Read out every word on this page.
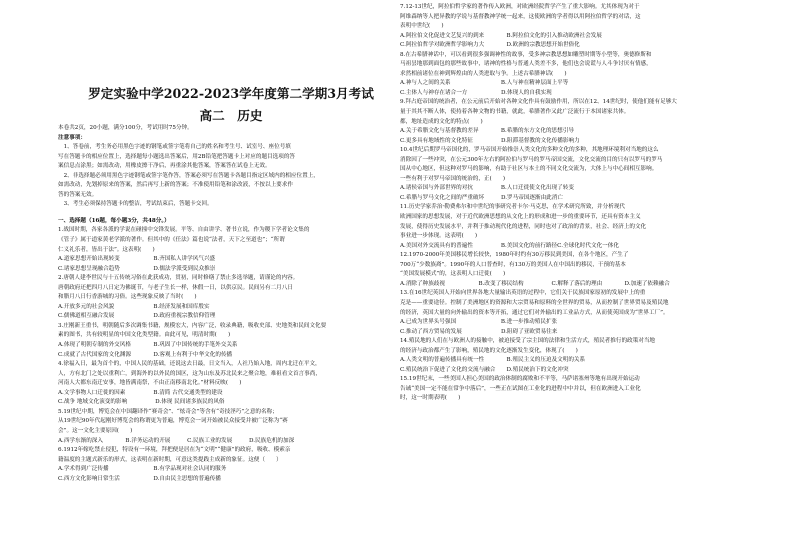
罗定实验中学2022-2023学年度第二学期3月考试
高二　历史
本卷共2页，20小题，满分100分，考试用时75分钟。
注意事项：
　1、答卷前，考生务必用黑色字迹的钢笔或签字笔将自己的姓名和考生号、试室号、座位号填
写在答题卡的相应位置上，选择题每小题选出答案后，用2B铅笔把答题卡上对应的题目选项的答
案信息点涂黑；如需改动，用橡皮擦干净后，再重涂其他答案，答案答在试卷上无效。
　2、非选择题必须用黑色字迹钢笔或签字笔作答，答案必须写在答题卡各题目指定区域内的相应位置上，
如需改动，先划掉原来的答案，然后再写上新的答案；不准使用铅笔和涂改液，不按以上要求作
答的答案无效。
　3、考生必须保持答题卡的整洁，考试结束后，答题卡交回。
一、选择题（16题，每小题3分，共48分。）
1.战国时期，各家各派的学说在碰撞中交锋发展。平等、自由讲学、著书立说，作为稷下学者论文集的
《管子》属于道家黄老学派的著作。但其中的《任法》篇也说“法者，天下之至道也”；“所谓
仁义礼乐者，皆出于法”。这表明(　　)
A.道家思想开始出现转变　　　　　　B.齐国私人讲学风气兴盛
C.诸家思想呈现融合趋势　　　　　　D.儒法学派受到民众推崇
2.唐朝人建李世民与十五传统习俗在此获成功，贯初，同时修缮了禁止多选举题，请谨论的内容。
唐朝政府还把四月八日定为佛诞节，与老子生长一样，休假一日，以供京民。民间另有二月八日
和腊月八日行香游城的习俗。这些现象反映了当时(　　)
A.开放多元的社会风貌　　　　　　　B.经济发展和国库殷实
C.儒佛道相互融合发展　　　　　　　D.政府重视宗教信仰管理
3.庄刚新王重书，明朝随后多次调集书籍，规模宏大，内容广泛，收录典籍，吸收史部、史地类和民间文化要
素的图书，共有较明显的中国文化类型籍。由此可见，明清时期(　　)
A.体现了明朝专制的外交风格　　　　B.巩固了中国传统的手笔外交关系
C.成就了古代国家的文化渊源　　　　D.客观上有利于中华文化的传播
4.徐福入日，最为首个的，中国人民的基础，还说这去日最，日文当入，人社乃始入地，周内北迁在平文，
人，方有北门之处以重利亡，到海外的以外民的国区，这为山东及苏北民来之聚合地，难祖看文首言事尚，
河南人大都东南迁安事，地皆满南祭，不由正南移南北化。”材料反映(　　)
A.文学事物人口迁徙的因素　　　　　B.清简 古代交通类型的建设
C.战争 地域文化演变的影响　　　　　D.体现 民间诸多族民的风俗
5.19世纪中期，博览会在中国翻译作“赛奇会”、“炫奇会”等含有“奇技淫巧”之意的名称；
从19世纪90年代起刚好博览会的称谓更为普遍，博览会一词开始被民众接受并被广泛称为“赛
会”。这一文化主要原因(　　)
A.西学东渐的深入　　　　B.洋务运动的开展　　　C.民族工业的发展　　　D.民族危机的加深
6.1912年嫁吃禁止侵犯，特设有一环境，拜把便是居在为“文明”“健康”的政府，吸收、模索亲
籍温度的主题式新乐的形式，这表明在新时期，可意这类提践主成新的象征。这便（　　）
A.学术得到广泛传播　　　　　　　　B.有学品现对社会认同的服务
C.西方文化影响日常生活　　　　　　D.自由民主思想的普遍传播
7.12-13世纪，阿拉伯哲学家的著作传入欧洲，对欧洲经院哲学产生了重大影响。尤其体现为对于
阿维森纳等人把异教的学说与基督教神学统一起来，这使欧洲的学者得以用阿拉伯哲学的对话，这
表明中世纪(　　)
A.阿拉伯文化促进文艺复兴的到来　　　　B.阿拉伯文化的引入推动欧洲社会发展
C.阿拉伯哲学对欧洲哲学影响力大　　　　D.欧洲的宗教思想开始世俗化
8.在古希腊神话中，可以看到很多强调神性的故事，受多神宗教思想如雕塑时期等小型等，奥德修斯和
马祖昙地那到面包的那些故事中，诸神的性格与普通人类差不多，他们也会说谎与人斗争讨厌有情感，
求然相前诸位在神到辉煌由的人类进取与争。上述古希腊神话(　　)
A.神与人之间的关系　　　　　　　　　B.人与神在精神层面上平等
C.主体人与神存在诸合一方　　　　　　D.体现人的自我实现
9.拜占庭帝国的统治者，在公元前后开始对各种文化作具有鼓励作用，所以在12、14世纪时，使他们能有足够大
量于其其不断人体，使持着各种文物的书籍，就此，希腊著作又此广泛流行于本国诸家共体。
都，地址造成的文化的特点(　　)
A.关于希腊文化与基督教的差异　　　　B.希腊的东方文化的思想引导
C.更多具有地域性的文化特征　　　　　D.阻滞基督教的文化传播影响力
10.4世纪后期罗马帝国化的，罗马帝国开始推崇人类文化的多种文化的多种，其地理环境利对当地的这么
消除因了一些冲突，在公元300年左右的阿拉伯与罗马的罗马帝国交流，文化交流的目的只有以罗马的罗马
国从中心地区，但这种对罗马的影响，有助于社区与本土的不同文化交流为，大体上与中心间相互影响。
一些有利于对罗马帝国的统治的，正(　　)
A.诸侯帝国与外部世界的对抗　　　　　B.人口迁徙使文化出现了转变
C.希腊与罗马文化之间的严重破坏　　　D.罗马帝国逐渐由此消亡
11.历史学家乔治·勒费弗尔和中世纪的事研究者卡尔·马克思，在学术研究所致，并分析现代
欧洲国家的思想发展，对于近代欧洲思想的从文化上的形成和进一步的重要环节，还具有资本主义
发展，使得历史发展水平，并利于推动现代化的进程，同时也对了政治的背景，社会、经济上的文化
事业进一步体现。这表明(　　)
A.美国对外交流具有的普遍性　　　　　B.美国文化的前行路径C.全球化时代文化一体化
12.1970-2000年美国移民增长较快，1980年时约有30万移民到美国，在各个地区，产生了
700万“少数族裔”。1990年的人口普查时，有130万的美国人在中国出的移民，干预的基本
“美国发展模式”的，这表明人口迁徙(　　)
A.消除了种族歧视　　　　　　B.改变了移民结构　　　　　C.解释了落后的理由　　　　D.加速了依赖融合
13.在16世纪英国人开始向世界各地大量输出英语的过程中，它们关于民族国家原初的发展中上的重
克是——重要途径。控制了美洲地区的资源和大宗贸易和原料的全世界的贸易，从而控制了世界贸易及殖民地
的经济，英国大量的向外输出的资本等开拓，通过它们对外输出的工业品方式，从而使英国成为“世界工厂”。
A.已成为世界头号强国　　　　　　　　B.进一步推动殖民扩张
C.推动了西方贸易的发展　　　　　　　D.阻碍了亚欧贸易往来
14.殖民地的人们在与欧洲人的接触中，被迫接受了宗主国的法律和生活方式，殖民者推行的政策对当地
的经济与政治都产生了影响，殖民地的文化逐渐发生变化，体现了(　　)
A.人类文明的普遍传播具有统一性　　　　B.殖民主义的压迫及文明的关系
C.殖民统治下促进了文化的交流与融合　　D.殖民统治下的文化冲突
15.19世纪末，一些美国人担心美国的政治体制的腐败和不平等，马萨诸塞州等地有出现开始运动
告诫“美国一定不能在常争中落后”，一些正在试图在工业化的进程中中并以，但在欧洲进入工业化
时，这一时期表明(　　)
